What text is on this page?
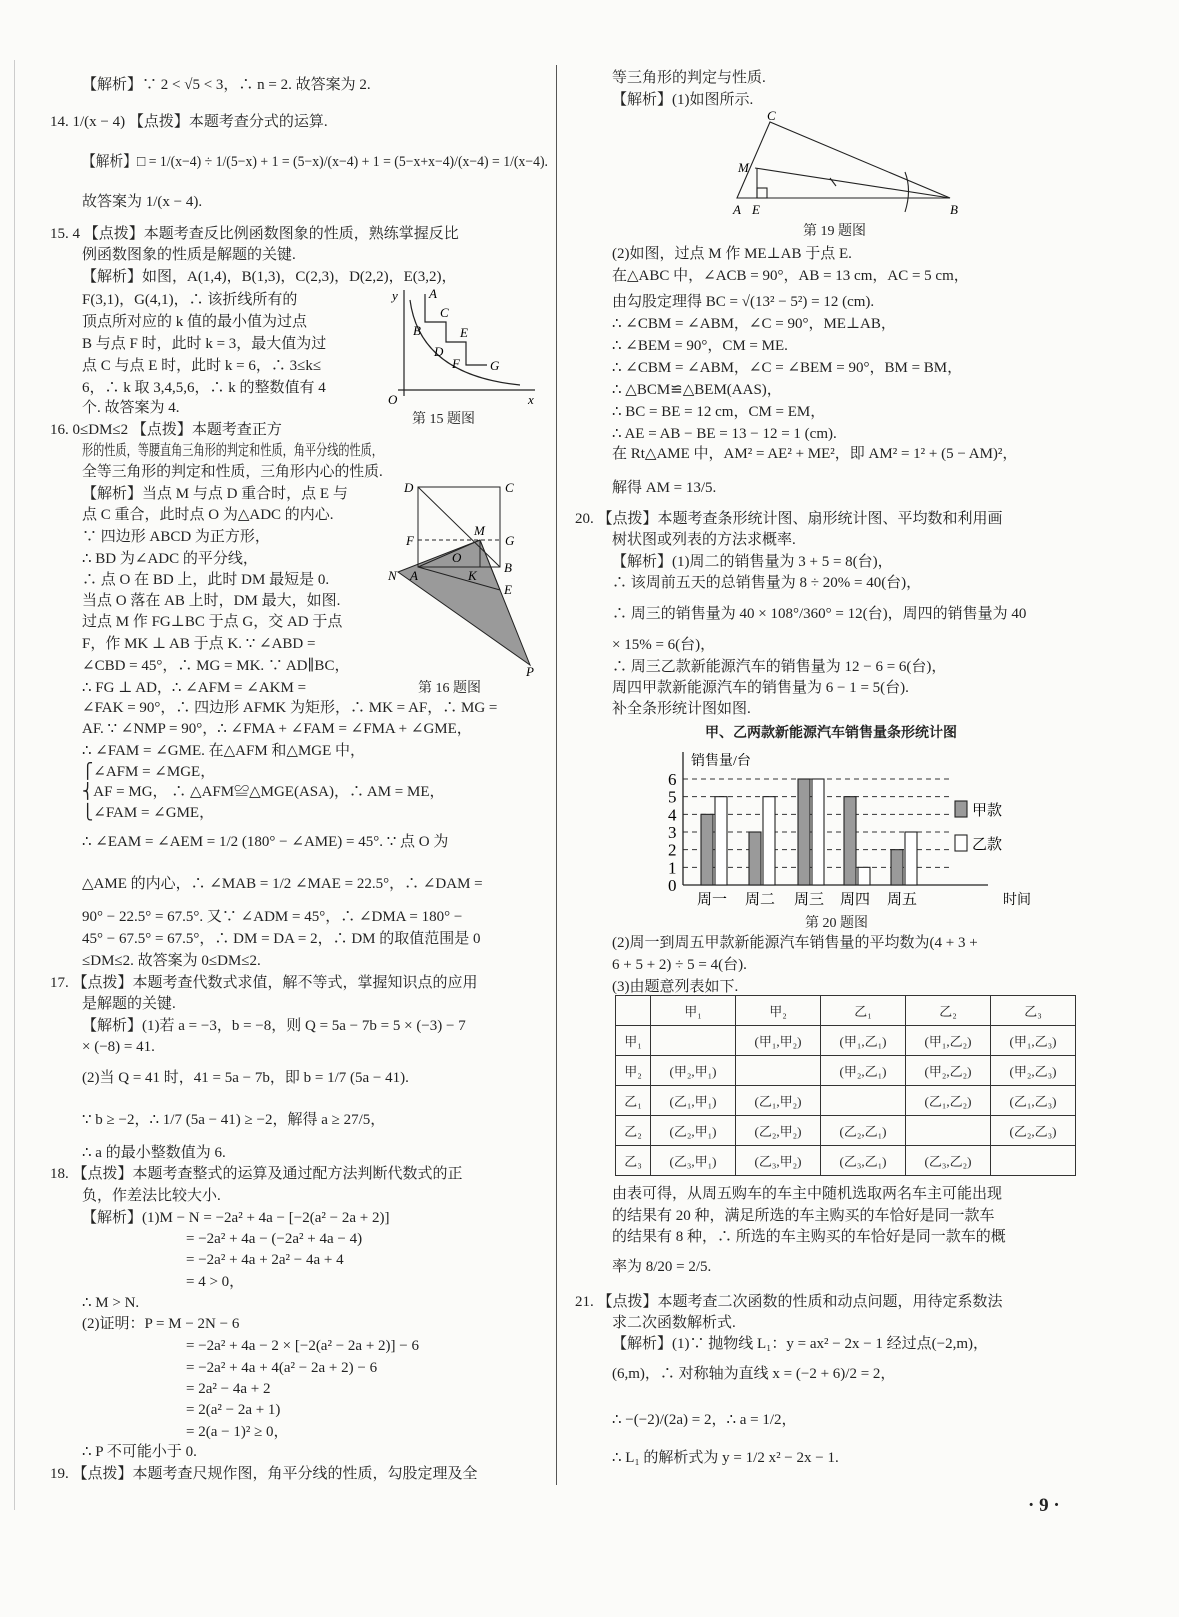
【解析】∵ 2 < √5 < 3，∴ n = 2. 故答案为 2.
14. 1/(x − 4) 【点拨】本题考查分式的运算.
【解析】□ = 1/(x−4) ÷ 1/(5−x) + 1 = (5−x)/(x−4) + 1 = (5−x+x−4)/(x−4) = 1/(x−4).
故答案为 1/(x − 4).
15. 4 【点拨】本题考查反比例函数图象的性质，熟练掌握反比
例函数图象的性质是解题的关键.
【解析】如图，A(1,4)，B(1,3)，C(2,3)，D(2,2)，E(3,2)，
F(3,1)，G(4,1)，∴ 该折线所有的
顶点所对应的 k 值的最小值为过点
B 与点 F 时，此时 k = 3，最大值为过
点 C 与点 E 时，此时 k = 6，∴ 3≤k≤
6，∴ k 取 3,4,5,6，∴ k 的整数值有 4
个. 故答案为 4.
16. 0≤DM≤2 【点拨】本题考查正方
形的性质，等腰直角三角形的判定和性质，角平分线的性质，
全等三角形的判定和性质，三角形内心的性质.
【解析】当点 M 与点 D 重合时，点 E 与
点 C 重合，此时点 O 为△ADC 的内心.
∵ 四边形 ABCD 为正方形，
∴ BD 为∠ADC 的平分线，
∴ 点 O 在 BD 上，此时 DM 最短是 0.
当点 O 落在 AB 上时，DM 最大，如图.
过点 M 作 FG⊥BC 于点 G，交 AD 于点
F，作 MK ⊥ AB 于点 K. ∵ ∠ABD =
∠CBD = 45°，∴ MG = MK. ∵ AD∥BC，
∴ FG ⊥ AD，∴ ∠AFM = ∠AKM =
∠FAK = 90°，∴ 四边形 AFMK 为矩形，∴ MK = AF，∴ MG =
AF. ∵ ∠NMP = 90°，∴ ∠FMA + ∠FAM = ∠FMA + ∠GME，
∴ ∠FAM = ∠GME. 在△AFM 和△MGE 中，
⎧∠AFM = ∠MGE，
⎨AF = MG， ∴ △AFM≌△MGE(ASA)，∴ AM = ME，
⎩∠FAM = ∠GME，
∴ ∠EAM = ∠AEM = 1/2 (180° − ∠AME) = 45°. ∵ 点 O 为
△AME 的内心，∴ ∠MAB = 1/2 ∠MAE = 22.5°，∴ ∠DAM =
90° − 22.5° = 67.5°. 又∵ ∠ADM = 45°，∴ ∠DMA = 180° −
45° − 67.5° = 67.5°，∴ DM = DA = 2，∴ DM 的取值范围是 0
≤DM≤2. 故答案为 0≤DM≤2.
17. 【点拨】本题考查代数式求值，解不等式，掌握知识点的应用
是解题的关键.
【解析】(1)若 a = −3，b = −8，则 Q = 5a − 7b = 5 × (−3) − 7
× (−8) = 41.
(2)当 Q = 41 时，41 = 5a − 7b，即 b = 1/7 (5a − 41).
∵ b ≥ −2，∴ 1/7 (5a − 41) ≥ −2，解得 a ≥ 27/5，
∴ a 的最小整数值为 6.
18. 【点拨】本题考查整式的运算及通过配方法判断代数式的正
负，作差法比较大小.
【解析】(1)M − N = −2a² + 4a − [−2(a² − 2a + 2)]
= −2a² + 4a − (−2a² + 4a − 4)
= −2a² + 4a + 2a² − 4a + 4
= 4 > 0，
∴ M > N.
(2)证明：P = M − 2N − 6
= −2a² + 4a − 2 × [−2(a² − 2a + 2)] − 6
= −2a² + 4a + 4(a² − 2a + 2) − 6
= 2a² − 4a + 2
= 2(a² − 2a + 1)
= 2(a − 1)² ≥ 0，
∴ P 不可能小于 0.
19. 【点拨】本题考查尺规作图，角平分线的性质，勾股定理及全
等三角形的判定与性质.
【解析】(1)如图所示.
(2)如图，过点 M 作 ME⊥AB 于点 E.
在△ABC 中，∠ACB = 90°，AB = 13 cm，AC = 5 cm，
由勾股定理得 BC = √(13² − 5²) = 12 (cm).
∴ ∠CBM = ∠ABM，∠C = 90°，ME⊥AB，
∴ ∠BEM = 90°，CM = ME.
∴ ∠CBM = ∠ABM，∠C = ∠BEM = 90°，BM = BM，
∴ △BCM≌△BEM(AAS)，
∴ BC = BE = 12 cm，CM = EM，
∴ AE = AB − BE = 13 − 12 = 1 (cm).
在 Rt△AME 中，AM² = AE² + ME²，即 AM² = 1² + (5 − AM)²，
解得 AM = 13/5.
20. 【点拨】本题考查条形统计图、扇形统计图、平均数和利用画
树状图或列表的方法求概率.
【解析】(1)周二的销售量为 3 + 5 = 8(台)，
∴ 该周前五天的总销售量为 8 ÷ 20% = 40(台)，
∴ 周三的销售量为 40 × 108°/360° = 12(台)，周四的销售量为 40
× 15% = 6(台)，
∴ 周三乙款新能源汽车的销售量为 12 − 6 = 6(台)，
周四甲款新能源汽车的销售量为 6 − 1 = 5(台).
补全条形统计图如图.
(2)周一到周五甲款新能源汽车销售量的平均数为(4 + 3 +
6 + 5 + 2) ÷ 5 = 4(台).
(3)由题意列表如下.
由表可得，从周五购车的车主中随机选取两名车主可能出现
的结果有 20 种，满足所选的车主购买的车恰好是同一款车
的结果有 8 种，∴ 所选的车主购买的车恰好是同一款车的概
率为 8/20 = 2/5.
21. 【点拨】本题考查二次函数的性质和动点问题，用待定系数法
求二次函数解析式.
【解析】(1)∵ 抛物线 L₁：y = ax² − 2x − 1 经过点(−2,m)，
(6,m)，∴ 对称轴为直线 x = (−2 + 6)/2 = 2，
∴ −(−2)/(2a) = 2，∴ a = 1/2，
∴ L₁ 的解析式为 y = 1/2 x² − 2x − 1.
y
x
O
A
B
C
D
E
F G
第 15 题图
D	C
A
B
F	G
M
O
K
N
E
P
第 16 题图
A E	B
C
M
第 19 题图
甲、乙两款新能源汽车销售量条形统计图
0
1
2
3
4
5
6
销售量/台
时间
周一 周二 周三 周四 周五
甲款
乙款
第 20 题图
	甲₁	甲₂	乙₁	乙₂	乙₃
甲₁		(甲₁,甲₂)	(甲₁,乙₁)	(甲₁,乙₂)	(甲₁,乙₃)
甲₂	(甲₂,甲₁)		(甲₂,乙₁)	(甲₂,乙₂)	(甲₂,乙₃)
乙₁	(乙₁,甲₁)	(乙₁,甲₂)		(乙₁,乙₂)	(乙₁,乙₃)
乙₂	(乙₂,甲₁)	(乙₂,甲₂)	(乙₂,乙₁)		(乙₂,乙₃)
乙₃	(乙₃,甲₁)	(乙₃,甲₂)	(乙₃,乙₁)	(乙₃,乙₂)	
· 9 ·
